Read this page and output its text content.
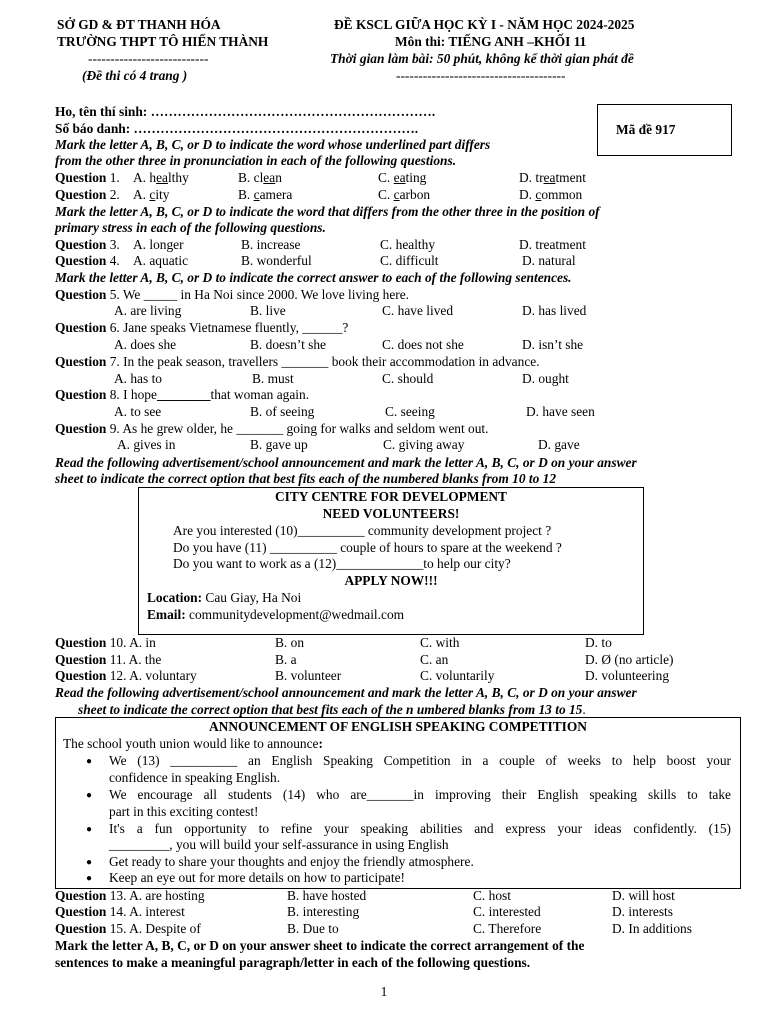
SỞ GD & ĐT THANH HÓA
TRƯỜNG THPT TÔ HIẾN THÀNH
---------------------------
(Đề thi có 4 trang )
ĐỀ KSCL GIỮA HỌC KỲ I - NĂM HỌC 2024-2025
Môn thi: TIẾNG ANH –KHỐI 11
Thời gian làm bài: 50 phút, không kể thời gian phát đề
--------------------------------------
Ho, tên thí sinh: ……………………………………………………….
Số báo danh: ……………………………………………………….	Mã đề 917
Mark the letter A, B, C, or D to indicate the word whose underlined part differs
from the other three in pronunciation in each of the following questions.
Question 1. A. healthy	B. clean	C. eating	D. treatment
Question 2. A. city	B. camera	C. carbon	D. common
Mark the letter A, B, C, or D to indicate the word that differs from the other three in the position of
primary stress in each of the following questions.
Question 3. A. longer	B. increase	C. healthy	D. treatment
Question 4. A. aquatic	B. wonderful	C. difficult	D. natural
Mark the letter A, B, C, or D to indicate the correct answer to each of the following sentences.
Question 5. We _____ in Ha Noi since 2000. We love living here.
A. are living	B. live	C. have lived	D. has lived
Question 6. Jane speaks Vietnamese fluently, ______?
A. does she	B. doesn’t she	C. does not she	D. isn’t she
Question 7. In the peak season, travellers _______ book their accommodation in advance.
A. has to	B. must	C. should	D. ought
Question 8. I hope________that woman again.
A. to see	B. of seeing	C. seeing	D. have seen
Question 9. As he grew older, he _______ going for walks and seldom went out.
A. gives in	B. gave up	C. giving away	D. gave
Read the following advertisement/school announcement and mark the letter A, B, C, or D on your answer
sheet to indicate the correct option that best fits each of the numbered blanks from 10 to 12
CITY CENTRE FOR DEVELOPMENT
NEED VOLUNTEERS!
Are you interested (10)__________ community development project ?
Do you have (11) __________ couple of hours to spare at the weekend ?
Do you want to work as a (12)_____________to help our city?
APPLY NOW!!!
Location: Cau Giay, Ha Noi
Email: communitydevelopment@wedmail.com
Question 10. A. in	B. on	C. with	D. to
Question 11. A. the	B. a	C. an	D. Ø (no article)
Question 12. A. voluntary	B. volunteer	C. voluntarily	D. volunteering
Read the following advertisement/school announcement and mark the letter A, B, C, or D on your answer
sheet to indicate the correct option that best fits each of the n umbered blanks from 13 to 15.
ANNOUNCEMENT OF ENGLISH SPEAKING COMPETITION
The school youth union would like to announce:
● We (13) __________ an English Speaking Competition in a couple of weeks to help boost your
confidence in speaking English.
● We encourage all students (14) who are_______in improving their English speaking skills to take
part in this exciting contest!
● It's a fun opportunity to refine your speaking abilities and express your ideas confidently. (15)
_________, you will build your self-assurance in using English
● Get ready to share your thoughts and enjoy the friendly atmosphere.
● Keep an eye out for more details on how to participate!
Question 13. A. are hosting	B. have hosted	C. host	D. will host
Question 14. A. interest	B. interesting	C. interested	D. interests
Question 15. A. Despite of	B. Due to	C. Therefore	D. In additions
Mark the letter A, B, C, or D on your answer sheet to indicate the correct arrangement of the
sentences to make a meaningful paragraph/letter in each of the following questions.
1
